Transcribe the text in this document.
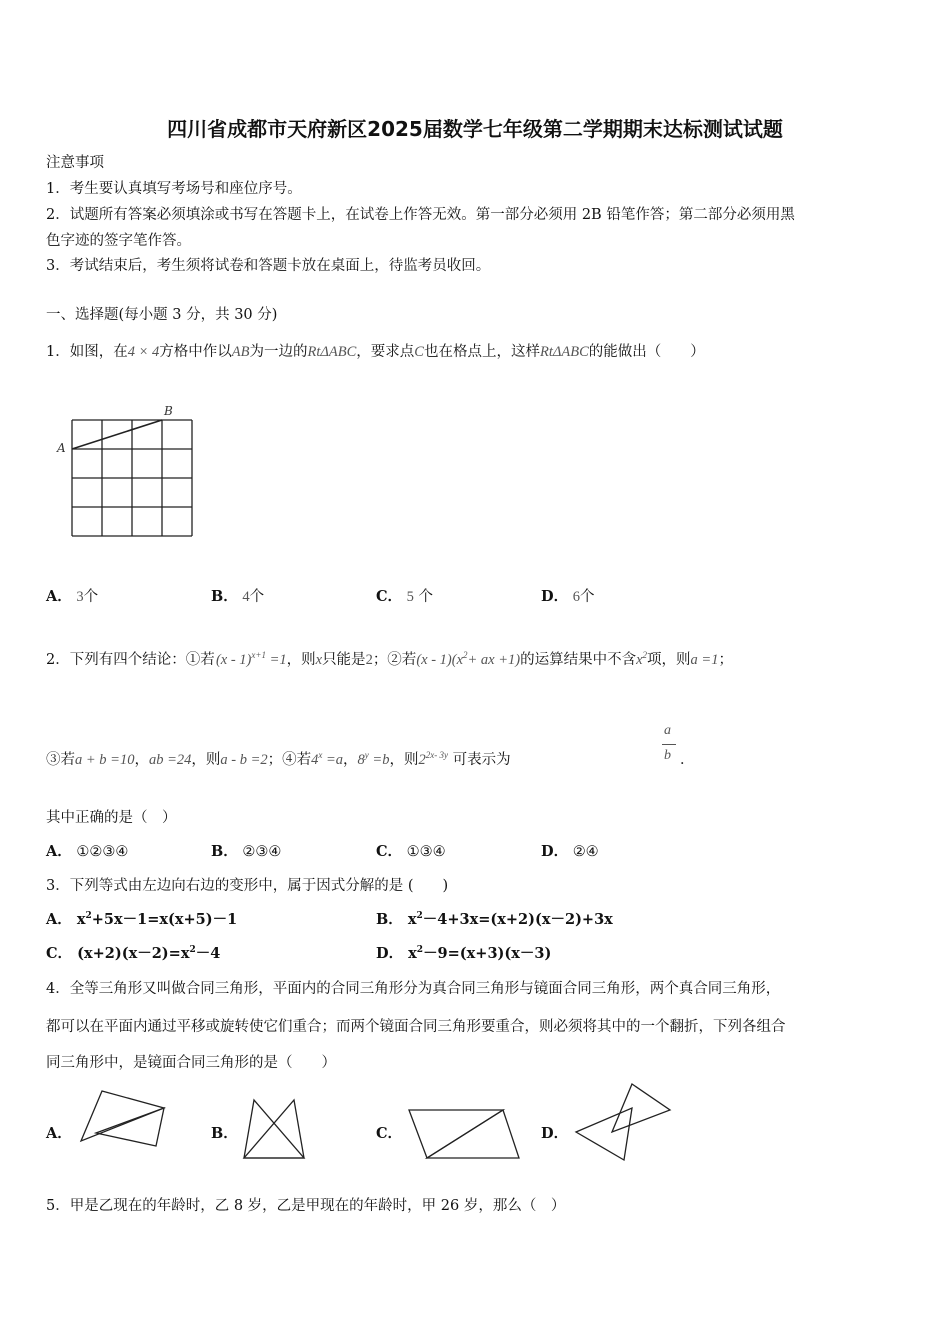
四川省成都市天府新区2025届数学七年级第二学期期末达标测试试题
注意事项
1．考生要认真填写考场号和座位序号。
2．试题所有答案必须填涂或书写在答题卡上，在试卷上作答无效。第一部分必须用 2B 铅笔作答；第二部分必须用黑
色字迹的签字笔作答。
3．考试结束后，考生须将试卷和答题卡放在桌面上，待监考员收回。
一、选择题(每小题 3 分，共 30 分)
1．如图，在4 × 4方格中作以AB为一边的RtΔABC，要求点C也在格点上，这样RtΔABC的能做出（　　）
A
B
A． 3个	B． 4个	C． 5 个	D． 6个
2．下列有四个结论：①若 (x - 1)$^{x+1}$ =1，则x只能是2；②若$(x - 1)(x^2+$ ax +1)的运算结果中不含$x^2$项，则a =1；
③若a + b =10，ab =24，则a - b =2；④若$4^x =a$，$8^y =b$，则$2^{2x- 3y}$ 可表示为
a
b ．
其中正确的是（　）
A． ①②③④	B． ②③④	C． ①③④	D． ②④
3．下列等式由左边向右边的变形中，属于因式分解的是 (　　)
A． $x^2+5x-1=x(x+5)-1$	B． $x^2-4+3x=(x+2)(x-2)+3x$
C． $(x+2)(x-2)=x^2-4$	D． $x^2-9=(x+3)(x-3)$
4．全等三角形又叫做合同三角形，平面内的合同三角形分为真合同三角形与镜面合同三角形，两个真合同三角形，
都可以在平面内通过平移或旋转使它们重合；而两个镜面合同三角形要重合，则必须将其中的一个翻折，下列各组合
同三角形中，是镜面合同三角形的是（　　）
A．	B．	C．	D．
5．甲是乙现在的年龄时，乙 8 岁，乙是甲现在的年龄时，甲 26 岁，那么（　）
